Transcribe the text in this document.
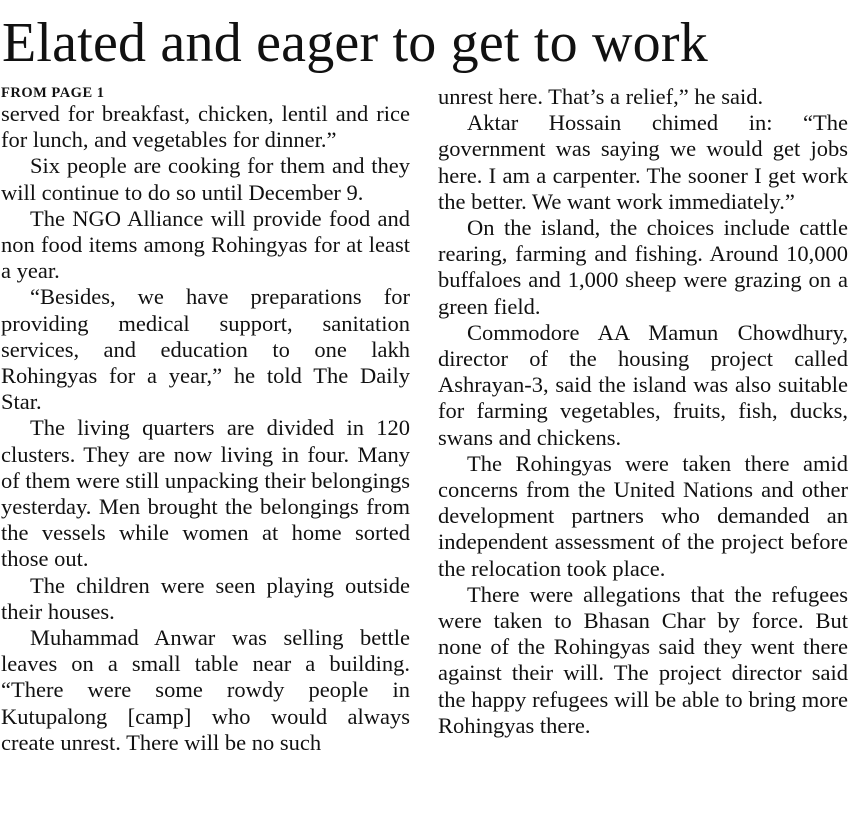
Elated and eager to get to work
FROM PAGE 1

served for breakfast, chicken, lentil and rice for lunch, and vegetables for dinner.”

Six people are cooking for them and they will continue to do so until December 9.

The NGO Alliance will provide food and non food items among Rohingyas for at least a year.

“Besides, we have preparations for providing medical support, sanitation services, and education to one lakh Rohingyas for a year,” he told The Daily Star.

The living quarters are divided in 120 clusters. They are now living in four. Many of them were still unpacking their belongings yesterday. Men brought the belongings from the vessels while women at home sorted those out.

The children were seen playing outside their houses.

Muhammad Anwar was selling bettle leaves on a small table near a building. “There were some rowdy people in Kutupalong [camp] who would always create unrest. There will be no such

unrest here. That’s a relief,” he said.

Aktar Hossain chimed in: “The government was saying we would get jobs here. I am a carpenter. The sooner I get work the better. We want work immediately.”

On the island, the choices include cattle rearing, farming and fishing. Around 10,000 buffaloes and 1,000 sheep were grazing on a green field.

Commodore AA Mamun Chowdhury, director of the housing project called Ashrayan-3, said the island was also suitable for farming vegetables, fruits, fish, ducks, swans and chickens.

The Rohingyas were taken there amid concerns from the United Nations and other development partners who demanded an independent assessment of the project before the relocation took place.

There were allegations that the refugees were taken to Bhasan Char by force. But none of the Rohingyas said they went there against their will. The project director said the happy refugees will be able to bring more Rohingyas there.
